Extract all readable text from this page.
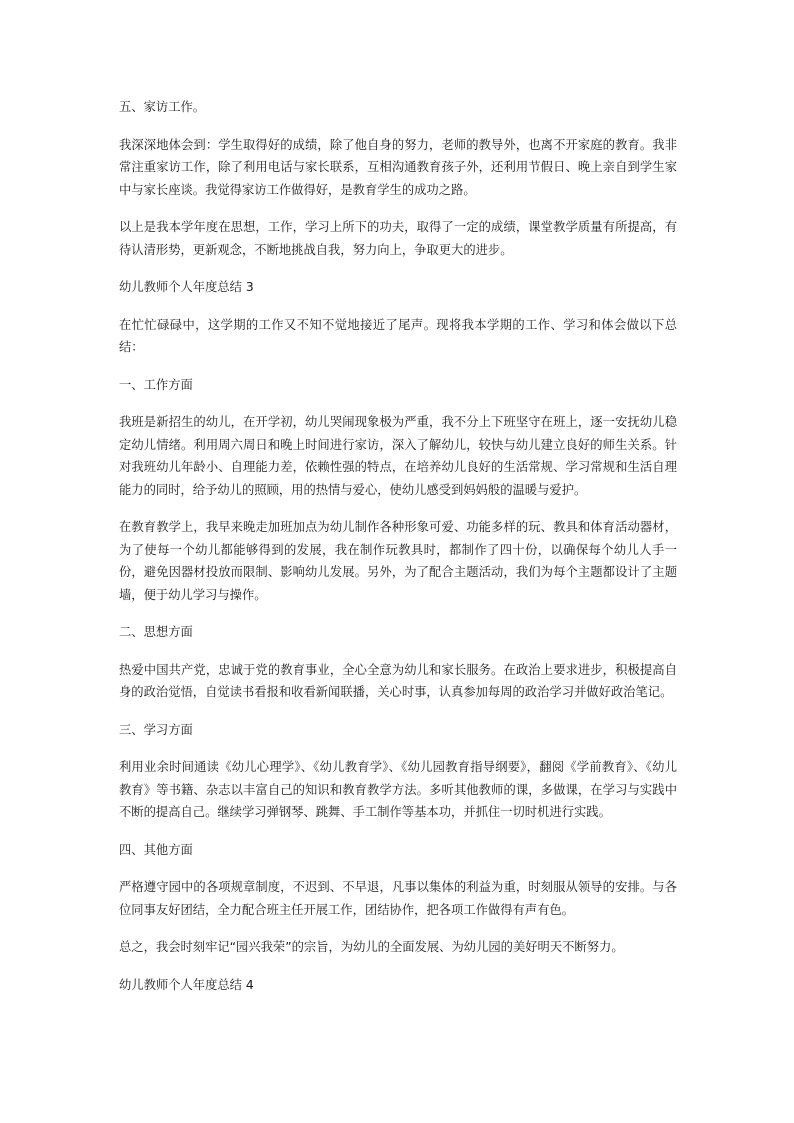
五、家访工作。

我深深地体会到：学生取得好的成绩，除了他自身的努力，老师的教导外，也离不开家庭的教育。我非常注重家访工作，除了利用电话与家长联系，互相沟通教育孩子外，还利用节假日、晚上亲自到学生家中与家长座谈。我觉得家访工作做得好，是教育学生的成功之路。

以上是我本学年度在思想，工作，学习上所下的功夫，取得了一定的成绩，课堂教学质量有所提高，有待认清形势，更新观念，不断地挑战自我，努力向上，争取更大的进步。

幼儿教师个人年度总结 3

在忙忙碌碌中，这学期的工作又不知不觉地接近了尾声。现将我本学期的工作、学习和体会做以下总结：

一、工作方面

我班是新招生的幼儿，在开学初，幼儿哭闹现象极为严重，我不分上下班坚守在班上，逐一安抚幼儿稳定幼儿情绪。利用周六周日和晚上时间进行家访，深入了解幼儿，较快与幼儿建立良好的师生关系。针对我班幼儿年龄小、自理能力差，依赖性强的特点，在培养幼儿良好的生活常规、学习常规和生活自理能力的同时，给予幼儿的照顾，用的热情与爱心，使幼儿感受到妈妈般的温暖与爱护。

在教育教学上，我早来晚走加班加点为幼儿制作各种形象可爱、功能多样的玩、教具和体育活动器材，为了使每一个幼儿都能够得到的发展，我在制作玩教具时，都制作了四十份，以确保每个幼儿人手一份，避免因器材投放而限制、影响幼儿发展。另外，为了配合主题活动，我们为每个主题都设计了主题墙，便于幼儿学习与操作。

二、思想方面

热爱中国共产党，忠诚于党的教育事业，全心全意为幼儿和家长服务。在政治上要求进步，积极提高自身的政治觉悟，自觉读书看报和收看新闻联播，关心时事，认真参加每周的政治学习并做好政治笔记。

三、学习方面

利用业余时间通读《幼儿心理学》、《幼儿教育学》、《幼儿园教育指导纲要》，翻阅《学前教育》、《幼儿教育》等书籍、杂志以丰富自己的知识和教育教学方法。多听其他教师的课，多做课，在学习与实践中不断的提高自己。继续学习弹钢琴、跳舞、手工制作等基本功，并抓住一切时机进行实践。

四、其他方面

严格遵守园中的各项规章制度，不迟到、不早退，凡事以集体的利益为重，时刻服从领导的安排。与各位同事友好团结，全力配合班主任开展工作，团结协作，把各项工作做得有声有色。

总之，我会时刻牢记“园兴我荣”的宗旨，为幼儿的全面发展、为幼儿园的美好明天不断努力。

幼儿教师个人年度总结 4
